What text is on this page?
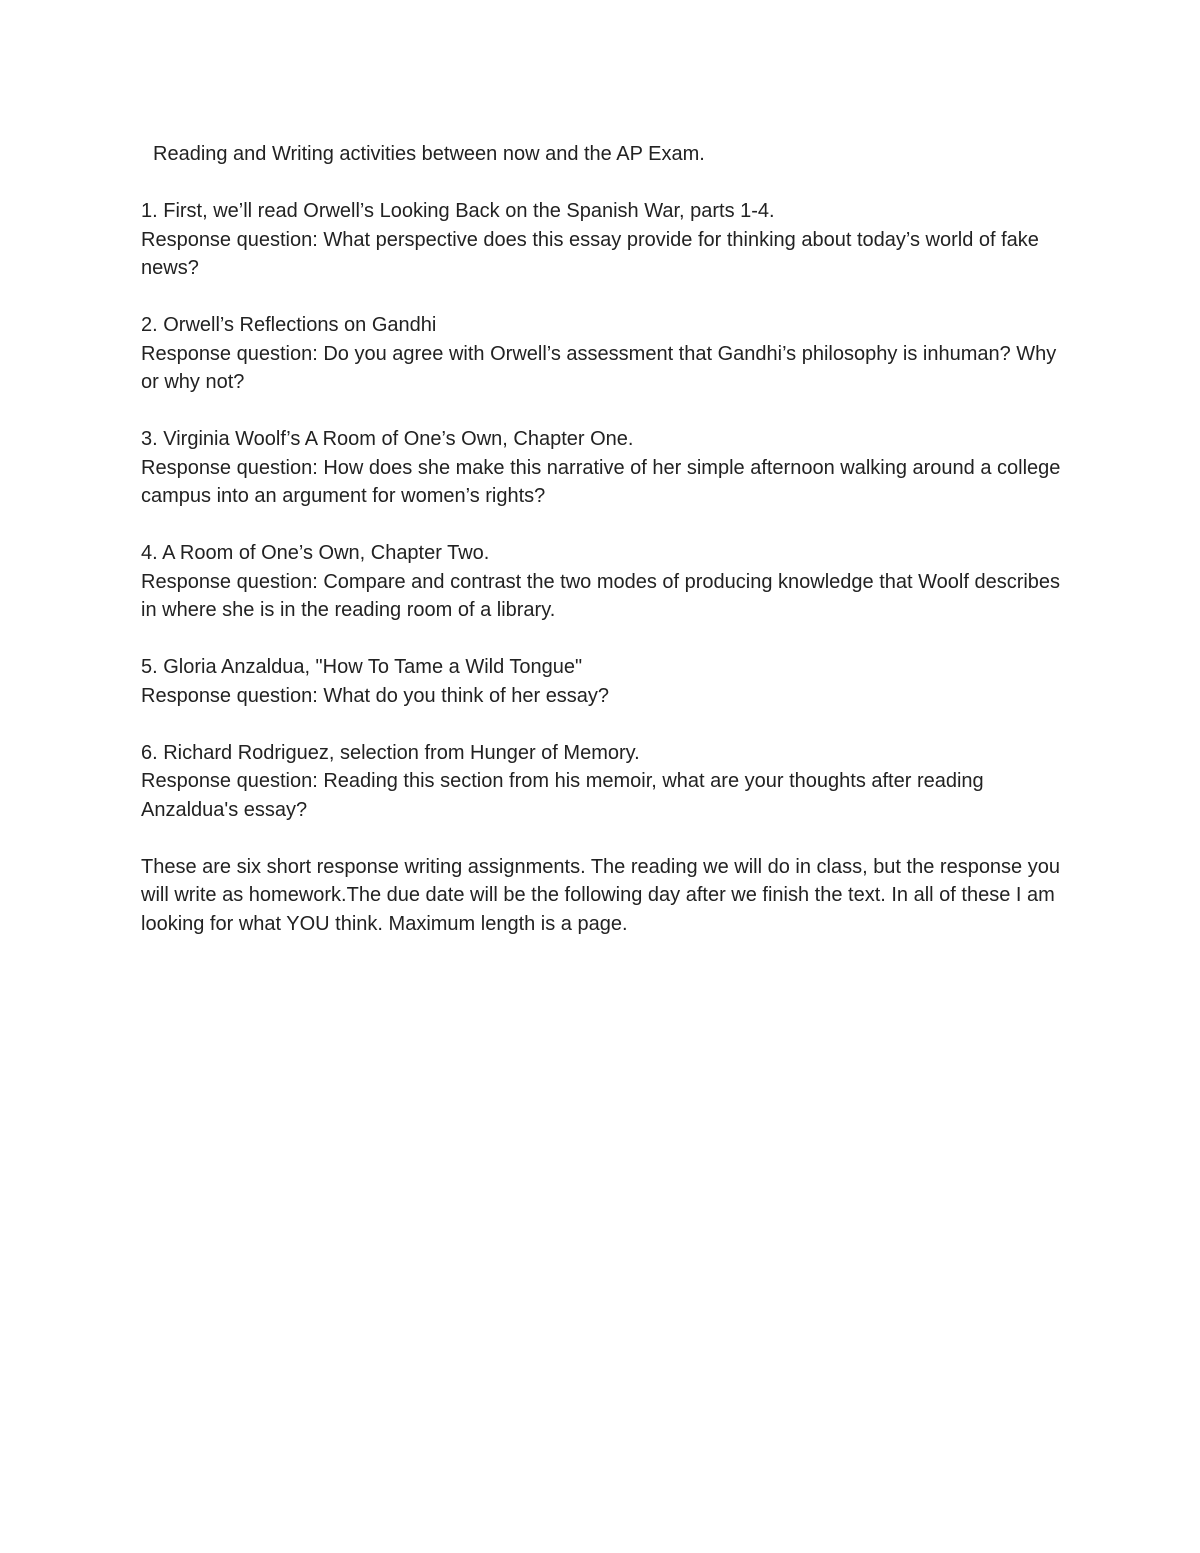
Reading and Writing activities between now and the AP Exam.

1. First, we’ll read Orwell’s Looking Back on the Spanish War, parts 1-4.

Response question: What perspective does this essay provide for thinking about today’s world of fake news?

2. Orwell’s Reflections on Gandhi

Response question: Do you agree with Orwell’s assessment that Gandhi’s philosophy is inhuman? Why or why not?

3. Virginia Woolf’s A Room of One’s Own, Chapter One.

Response question: How does she make this narrative of her simple afternoon walking around a college campus into an argument for women’s rights?

4. A Room of One’s Own, Chapter Two.

Response question: Compare and contrast the two modes of producing knowledge that Woolf describes in where she is in the reading room of a library.

5. Gloria Anzaldua, "How To Tame a Wild Tongue"

Response question: What do you think of her essay?

6. Richard Rodriguez, selection from Hunger of Memory.

Response question: Reading this section from his memoir, what are your thoughts after reading Anzaldua's essay?

These are six short response writing assignments. The reading we will do in class, but the response you will write as homework.The due date will be the following day after we finish the text. In all of these I am looking for what YOU think. Maximum length is a page.
